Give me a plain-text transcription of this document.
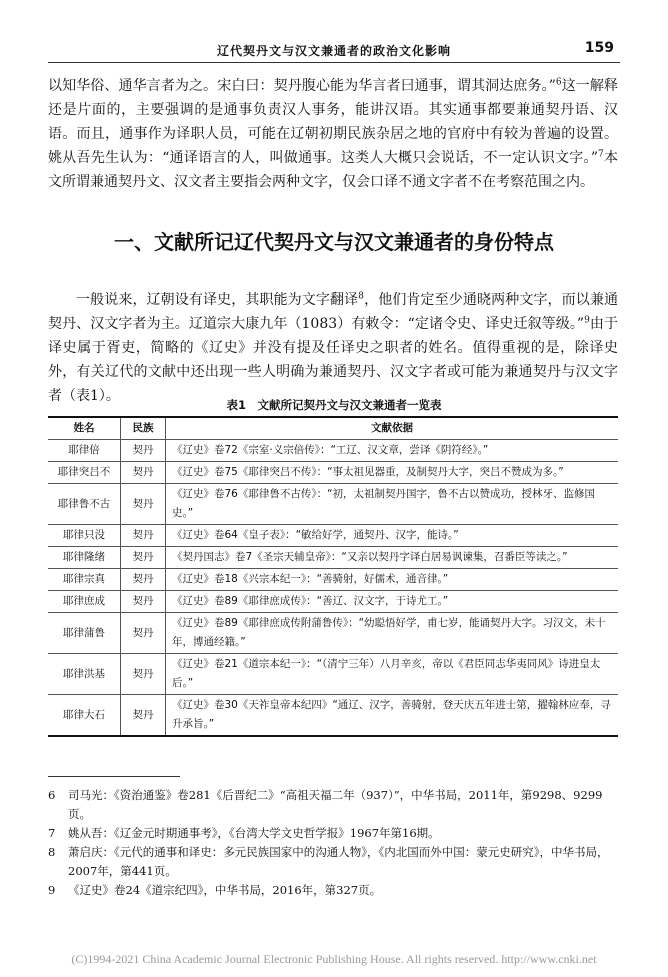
辽代契丹文与汉文兼通者的政治文化影响	159

以知华俗、通华言者为之。宋白曰：契丹腹心能为华言者曰通事，谓其洞达庶务。”$^6$这一解释还是片面的，主要强调的是通事负责汉人事务，能讲汉语。其实通事都要兼通契丹语、汉语。而且，通事作为译职人员，可能在辽朝初期民族杂居之地的官府中有较为普遍的设置。姚从吾先生认为：“通译语言的人，叫做通事。这类人大概只会说话，不一定认识文字。”$^7$本文所谓兼通契丹文、汉文者主要指会两种文字，仅会口译不通文字者不在考察范围之内。

一、文献所记辽代契丹文与汉文兼通者的身份特点

一般说来，辽朝设有译史，其职能为文字翻译$^8$，他们肯定至少通晓两种文字，而以兼通契丹、汉文字者为主。辽道宗大康九年（1083）有敕令：“定诸令史、译史迁叙等级。”$^9$由于译史属于胥吏，简略的《辽史》并没有提及任译史之职者的姓名。值得重视的是，除译史外，有关辽代的文献中还出现一些人明确为兼通契丹、汉文字者或可能为兼通契丹与汉文字者（表1）。

表1　文献所记契丹文与汉文兼通者一览表
姓名	民族	文献依据
耶律倍	契丹	《辽史》卷72《宗室·义宗倍传》：“工辽、汉文章，尝译《阴符经》。”
耶律突吕不	契丹	《辽史》卷75《耶律突吕不传》：“事太祖见器重，及制契丹大字，突吕不赞成为多。”
耶律鲁不古	契丹	《辽史》卷76《耶律鲁不古传》：“初，太祖制契丹国字，鲁不古以赞成功，授林牙、监修国史。”
耶律只没	契丹	《辽史》卷64《皇子表》：“敏给好学，通契丹、汉字，能诗。”
耶律隆绪	契丹	《契丹国志》卷7《圣宗天辅皇帝》：“又亲以契丹字译白居易讽谏集，召番臣等读之。”
耶律宗真	契丹	《辽史》卷18《兴宗本纪一》：“善骑射，好儒术，通音律。”
耶律庶成	契丹	《辽史》卷89《耶律庶成传》：“善辽、汉文字，于诗尤工。”
耶律蒲鲁	契丹	《辽史》卷89《耶律庶成传附蒲鲁传》：“幼聪悟好学，甫七岁，能诵契丹大字。习汉文，未十年，博通经籍。”
耶律洪基	契丹	《辽史》卷21《道宗本纪一》：“（清宁三年）八月辛亥，帝以《君臣同志华夷同风》诗进皇太后。”
耶律大石	契丹	《辽史》卷30《天祚皇帝本纪四》“通辽、汉字，善骑射，登天庆五年进士第，擢翰林应奉，寻升承旨。”
6 司马光：《资治通鉴》卷281《后晋纪二》“高祖天福二年（937）”，中华书局，2011年，第9298、9299页。
7 姚从吾：《辽金元时期通事考》，《台湾大学文史哲学报》1967年第16期。
8 萧启庆：《元代的通事和译史：多元民族国家中的沟通人物》，《内北国而外中国：蒙元史研究》，中华书局，2007年，第441页。
9 《辽史》卷24《道宗纪四》，中华书局，2016年，第327页。
(C)1994-2021 China Academic Journal Electronic Publishing House. All rights reserved. http://www.cnki.net
